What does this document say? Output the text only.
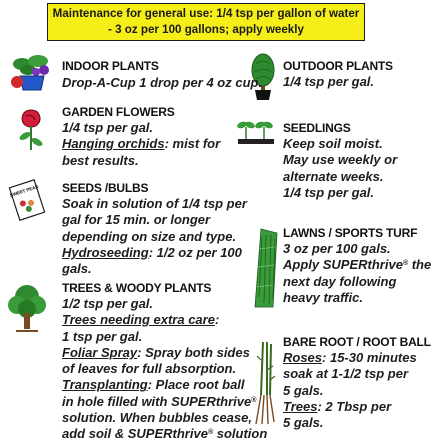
Maintenance for general use: 1/4 tsp per gallon of water
- 3 oz per 100 gallons; apply weekly
SWEET PEAS
INDOOR PLANTS
Drop-A-Cup 1 drop per 4 oz cup.
GARDEN FLOWERS
1/4 tsp per gal.
Hanging orchids: mist for
best results.
SEEDS /BULBS
Soak in solution of 1/4 tsp per
gal for 15 min. or longer
depending on size and type.
Hydroseeding: 1/2 oz per 100
gals.
TREES & WOODY PLANTS
1/2 tsp per gal.
Trees needing extra care:
1 tsp per gal.
Foliar Spray: Spray both sides
of leaves for full absorption.
Transplanting: Place root ball
in hole filled with SUPERthrive®
solution. When bubbles cease,
add soil & SUPERthrive® solution
OUTDOOR PLANTS
1/4 tsp per gal.
SEEDLINGS
Keep soil moist.
May use weekly or
alternate weeks.
1/4 tsp per gal.
LAWNS / SPORTS TURF
3 oz per 100 gals.
Apply SUPERthrive® the
next day following
heavy traffic.
BARE ROOT / ROOT BALL
Roses: 15-30 minutes
soak at 1-1/2 tsp per
5 gals.
Trees: 2 Tbsp per
5 gals.
